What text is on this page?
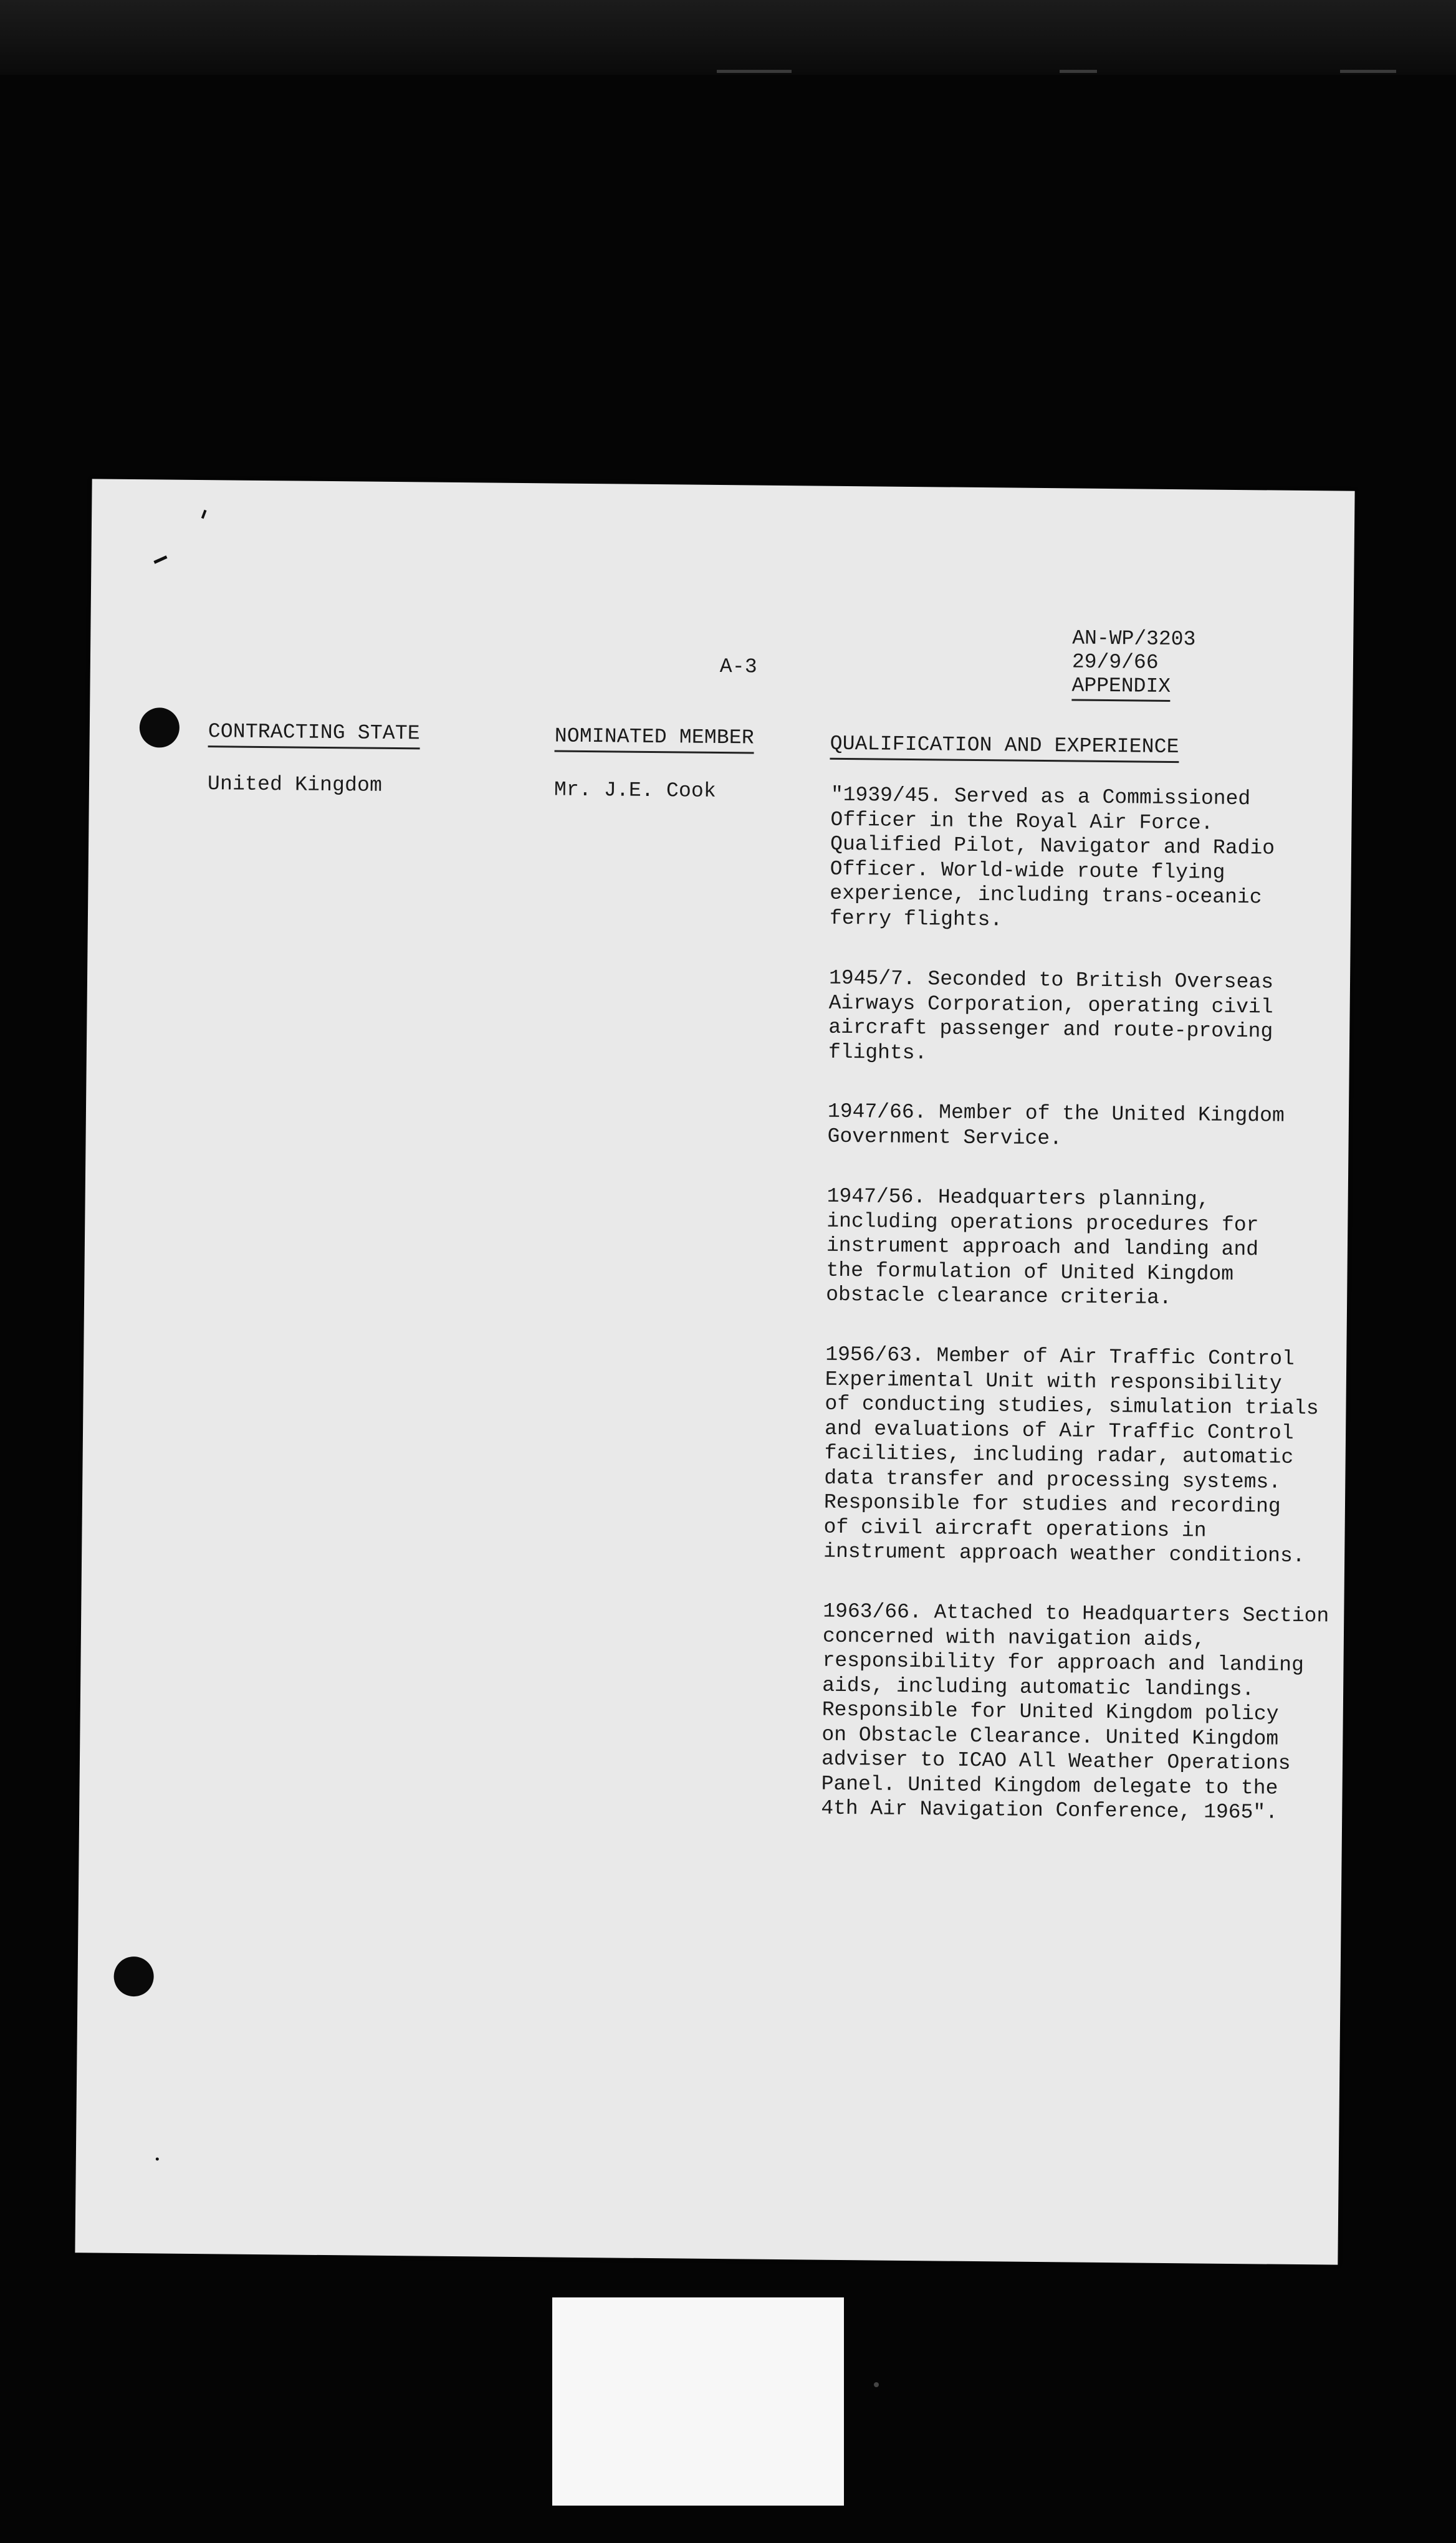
A-3
AN-WP/3203
29/9/66
APPENDIX
CONTRACTING STATE	NOMINATED MEMBER	QUALIFICATION AND EXPERIENCE
United Kingdom	Mr. J.E. Cook	"1939/45. Served as a Commissioned
Officer in the Royal Air Force.
Qualified Pilot, Navigator and Radio
Officer. World-wide route flying
experience, including trans-oceanic
ferry flights.
1945/7. Seconded to British Overseas
Airways Corporation, operating civil
aircraft passenger and route-proving
flights.
1947/66. Member of the United Kingdom
Government Service.
1947/56. Headquarters planning,
including operations procedures for
instrument approach and landing and
the formulation of United Kingdom
obstacle clearance criteria.
1956/63. Member of Air Traffic Control
Experimental Unit with responsibility
of conducting studies, simulation trials
and evaluations of Air Traffic Control
facilities, including radar, automatic
data transfer and processing systems.
Responsible for studies and recording
of civil aircraft operations in
instrument approach weather conditions.
1963/66. Attached to Headquarters Section
concerned with navigation aids,
responsibility for approach and landing
aids, including automatic landings.
Responsible for United Kingdom policy
on Obstacle Clearance. United Kingdom
adviser to ICAO All Weather Operations
Panel. United Kingdom delegate to the
4th Air Navigation Conference, 1965".
